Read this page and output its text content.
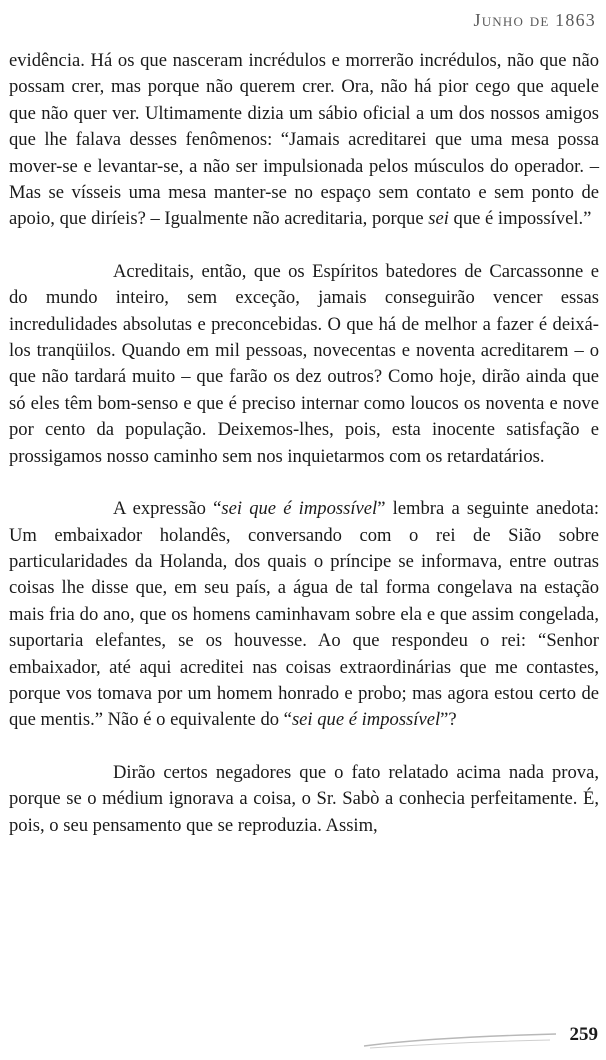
Junho de 1863

evidência. Há os que nasceram incrédulos e morrerão incrédulos, não que não possam crer, mas porque não querem crer. Ora, não há pior cego que aquele que não quer ver. Ultimamente dizia um sábio oficial a um dos nossos amigos que lhe falava desses fenômenos: “Jamais acreditarei que uma mesa possa mover-se e levantar-se, a não ser impulsionada pelos músculos do operador. – Mas se vísseis uma mesa manter-se no espaço sem contato e sem ponto de apoio, que diríeis? – Igualmente não acreditaria, porque sei que é impossível.”

Acreditais, então, que os Espíritos batedores de Carcassonne e do mundo inteiro, sem exceção, jamais conseguirão vencer essas incredulidades absolutas e preconcebidas. O que há de melhor a fazer é deixá-los tranqüilos. Quando em mil pessoas, novecentas e noventa acreditarem – o que não tardará muito – que farão os dez outros? Como hoje, dirão ainda que só eles têm bom-senso e que é preciso internar como loucos os noventa e nove por cento da população. Deixemos-lhes, pois, esta inocente satisfação e prossigamos nosso caminho sem nos inquietarmos com os retardatários.

A expressão “sei que é impossível” lembra a seguinte anedota: Um embaixador holandês, conversando com o rei de Sião sobre particularidades da Holanda, dos quais o príncipe se informava, entre outras coisas lhe disse que, em seu país, a água de tal forma congelava na estação mais fria do ano, que os homens caminhavam sobre ela e que assim congelada, suportaria elefantes, se os houvesse. Ao que respondeu o rei: “Senhor embaixador, até aqui acreditei nas coisas extraordinárias que me contastes, porque vos tomava por um homem honrado e probo; mas agora estou certo de que mentis.” Não é o equivalente do “sei que é impossível”?

Dirão certos negadores que o fato relatado acima nada prova, porque se o médium ignorava a coisa, o Sr. Sabò a conhecia perfeitamente. É, pois, o seu pensamento que se reproduzia. Assim,

259
